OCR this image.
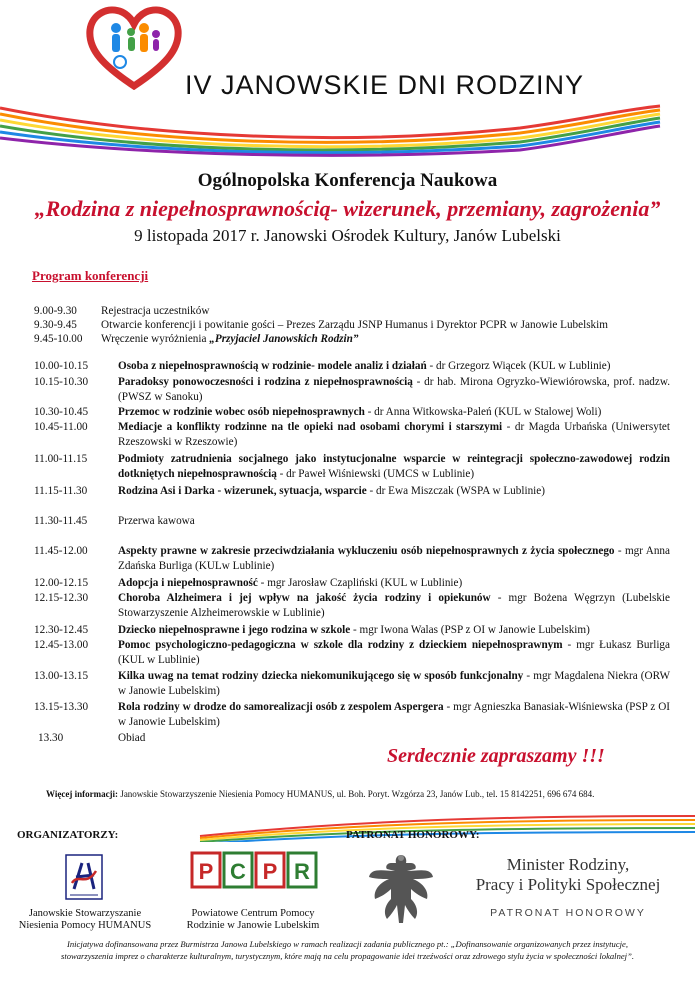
IV JANOWSKIE DNI RODZINY
Ogólnopolska Konferencja Naukowa
„Rodzina z niepełnosprawnością- wizerunek, przemiany, zagrożenia”
9 listopada 2017 r. Janowski Ośrodek Kultury, Janów Lubelski
Program konferencji
9.00-9.30 Rejestracja uczestników
9.30-9.45 Otwarcie konferencji i powitanie gości – Prezes Zarządu JSNP Humanus i Dyrektor PCPR w Janowie Lubelskim
9.45-10.00 Wręczenie wyróżnienia „Przyjaciel Janowskich Rodzin”
10.00-10.15	Osoba z niepełnosprawnością w rodzinie- modele analiz i działań - dr Grzegorz Wiącek (KUL w Lublinie)
10.15-10.30	Paradoksy ponowoczesności i rodzina z niepełnosprawnością - dr hab. Mirona Ogryzko-Wiewiórowska, prof. nadzw. (PWSZ w Sanoku)
10.30-10.45	Przemoc w rodzinie wobec osób niepełnosprawnych - dr Anna Witkowska-Paleń (KUL w Stalowej Woli)
10.45-11.00	Mediacje a konflikty rodzinne na tle opieki nad osobami chorymi i starszymi - dr Magda Urbańska (Uniwersytet Rzeszowski w Rzeszowie)
11.00-11.15	Podmioty zatrudnienia socjalnego jako instytucjonalne wsparcie w reintegracji społeczno-zawodowej rodzin dotkniętych niepełnosprawnością - dr Paweł Wiśniewski (UMCS w Lublinie)
11.15-11.30	Rodzina Asi i Darka - wizerunek, sytuacja, wsparcie - dr Ewa Miszczak (WSPA w Lublinie)
11.30-11.45	Przerwa kawowa
11.45-12.00	Aspekty prawne w zakresie przeciwdziałania wykluczeniu osób niepełnosprawnych z życia społecznego - mgr Anna Zdańska Burliga (KULw Lublinie)
12.00-12.15	Adopcja i niepełnosprawność - mgr Jarosław Czapliński (KUL w Lublinie)
12.15-12.30	Choroba Alzheimera i jej wpływ na jakość życia rodziny i opiekunów - mgr Bożena Węgrzyn (Lubelskie Stowarzyszenie Alzheimerowskie w Lublinie)
12.30-12.45	Dziecko niepełnosprawne i jego rodzina w szkole - mgr Iwona Walas (PSP z OI w Janowie Lubelskim)
12.45-13.00	Pomoc psychologiczno-pedagogiczna w szkole dla rodziny z dzieckiem niepełnosprawnym - mgr Łukasz Burliga (KUL w Lublinie)
13.00-13.15	Kilka uwag na temat rodziny dziecka niekomunikującego się w sposób funkcjonalny - mgr Magdalena Niekra (ORW w Janowie Lubelskim)
13.15-13.30	Rola rodziny w drodze do samorealizacji osób z zespolem Aspergera - mgr Agnieszka Banasiak-Wiśniewska (PSP z OI w Janowie Lubelskim)
13.30	Obiad
Serdecznie zapraszamy !!!
Więcej informacji: Janowskie Stowarzyszenie Niesienia Pomocy HUMANUS, ul. Boh. Poryt. Wzgórza 23, Janów Lub., tel. 15 8142251, 696 674 684.
ORGANIZATORZY:	PATRONAT HONOROWY:
Janowskie Stowarzyszanie
Niesienia Pomocy HUMANUS
P C P R
Powiatowe Centrum Pomocy
Rodzinie w Janowie Lubelskim
Minister Rodziny,
Pracy i Polityki Społecznej
PATRONAT HONOROWY
Inicjatywa dofinansowana przez Burmistrza Janowa Lubelskiego w ramach realizacji zadania publicznego pt.: „Dofinansowanie organizowanych przez instytucje,
stowarzyszenia imprez o charakterze kulturalnym, turystycznym, które mają na celu propagowanie idei trzeźwości oraz zdrowego stylu życia w społeczności lokalnej”.
